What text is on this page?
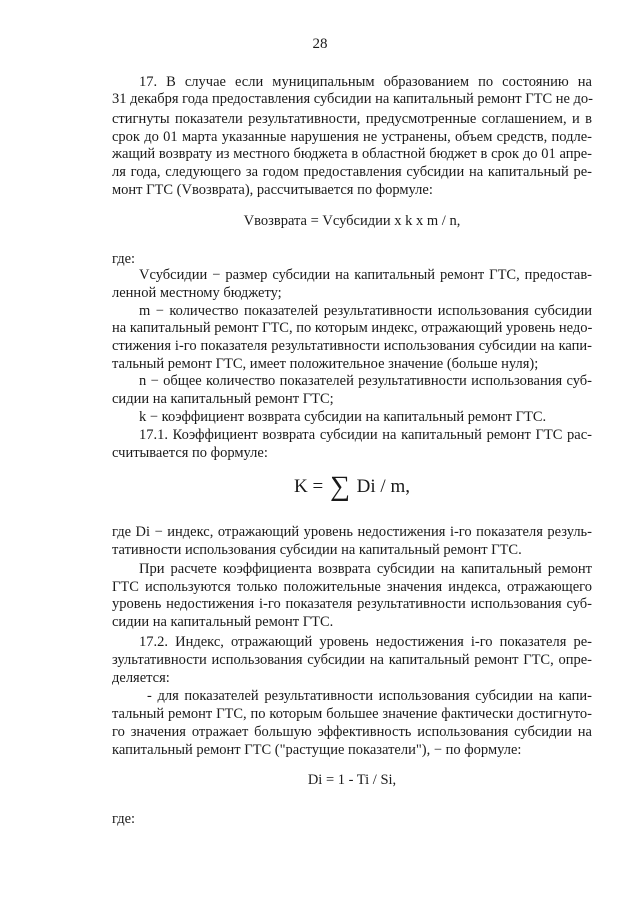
28
17. В случае если муниципальным образованием по состоянию на
31 декабря года предоставления субсидии на капитальный ремонт ГТС не до-
стигнуты показатели результативности, предусмотренные соглашением, и в
срок до 01 марта указанные нарушения не устранены, объем средств, подле-
жащий возврату из местного бюджета в областной бюджет в срок до 01 апре-
ля года, следующего за годом предоставления субсидии на капитальный ре-
монт ГТС (Vвозврата), рассчитывается по формуле:
Vвозврата = Vсубсидии x k x m / n,
где:
Vсубсидии − размер субсидии на капитальный ремонт ГТС, предостав-
ленной местному бюджету;
m − количество показателей результативности использования субсидии
на капитальный ремонт ГТС, по которым индекс, отражающий уровень недо-
стижения i-го показателя результативности использования субсидии на капи-
тальный ремонт ГТС, имеет положительное значение (больше нуля);
n − общее количество показателей результативности использования суб-
сидии на капитальный ремонт ГТС;
k − коэффициент возврата субсидии на капитальный ремонт ГТС.
17.1. Коэффициент возврата субсидии на капитальный ремонт ГТС рас-
считывается по формуле:
K = ∑ Di / m,
где Di − индекс, отражающий уровень недостижения i-го показателя резуль-
тативности использования субсидии на капитальный ремонт ГТС.
При расчете коэффициента возврата субсидии на капитальный ремонт
ГТС используются только положительные значения индекса, отражающего
уровень недостижения i-го показателя результативности использования суб-
сидии на капитальный ремонт ГТС.
17.2. Индекс, отражающий уровень недостижения i-го показателя ре-
зультативности использования субсидии на капитальный ремонт ГТС, опре-
деляется:
- для показателей результативности использования субсидии на капи-
тальный ремонт ГТС, по которым большее значение фактически достигнуто-
го значения отражает большую эффективность использования субсидии на
капитальный ремонт ГТС ("растущие показатели"), − по формуле:
Di = 1 - Ti / Si,
где:
